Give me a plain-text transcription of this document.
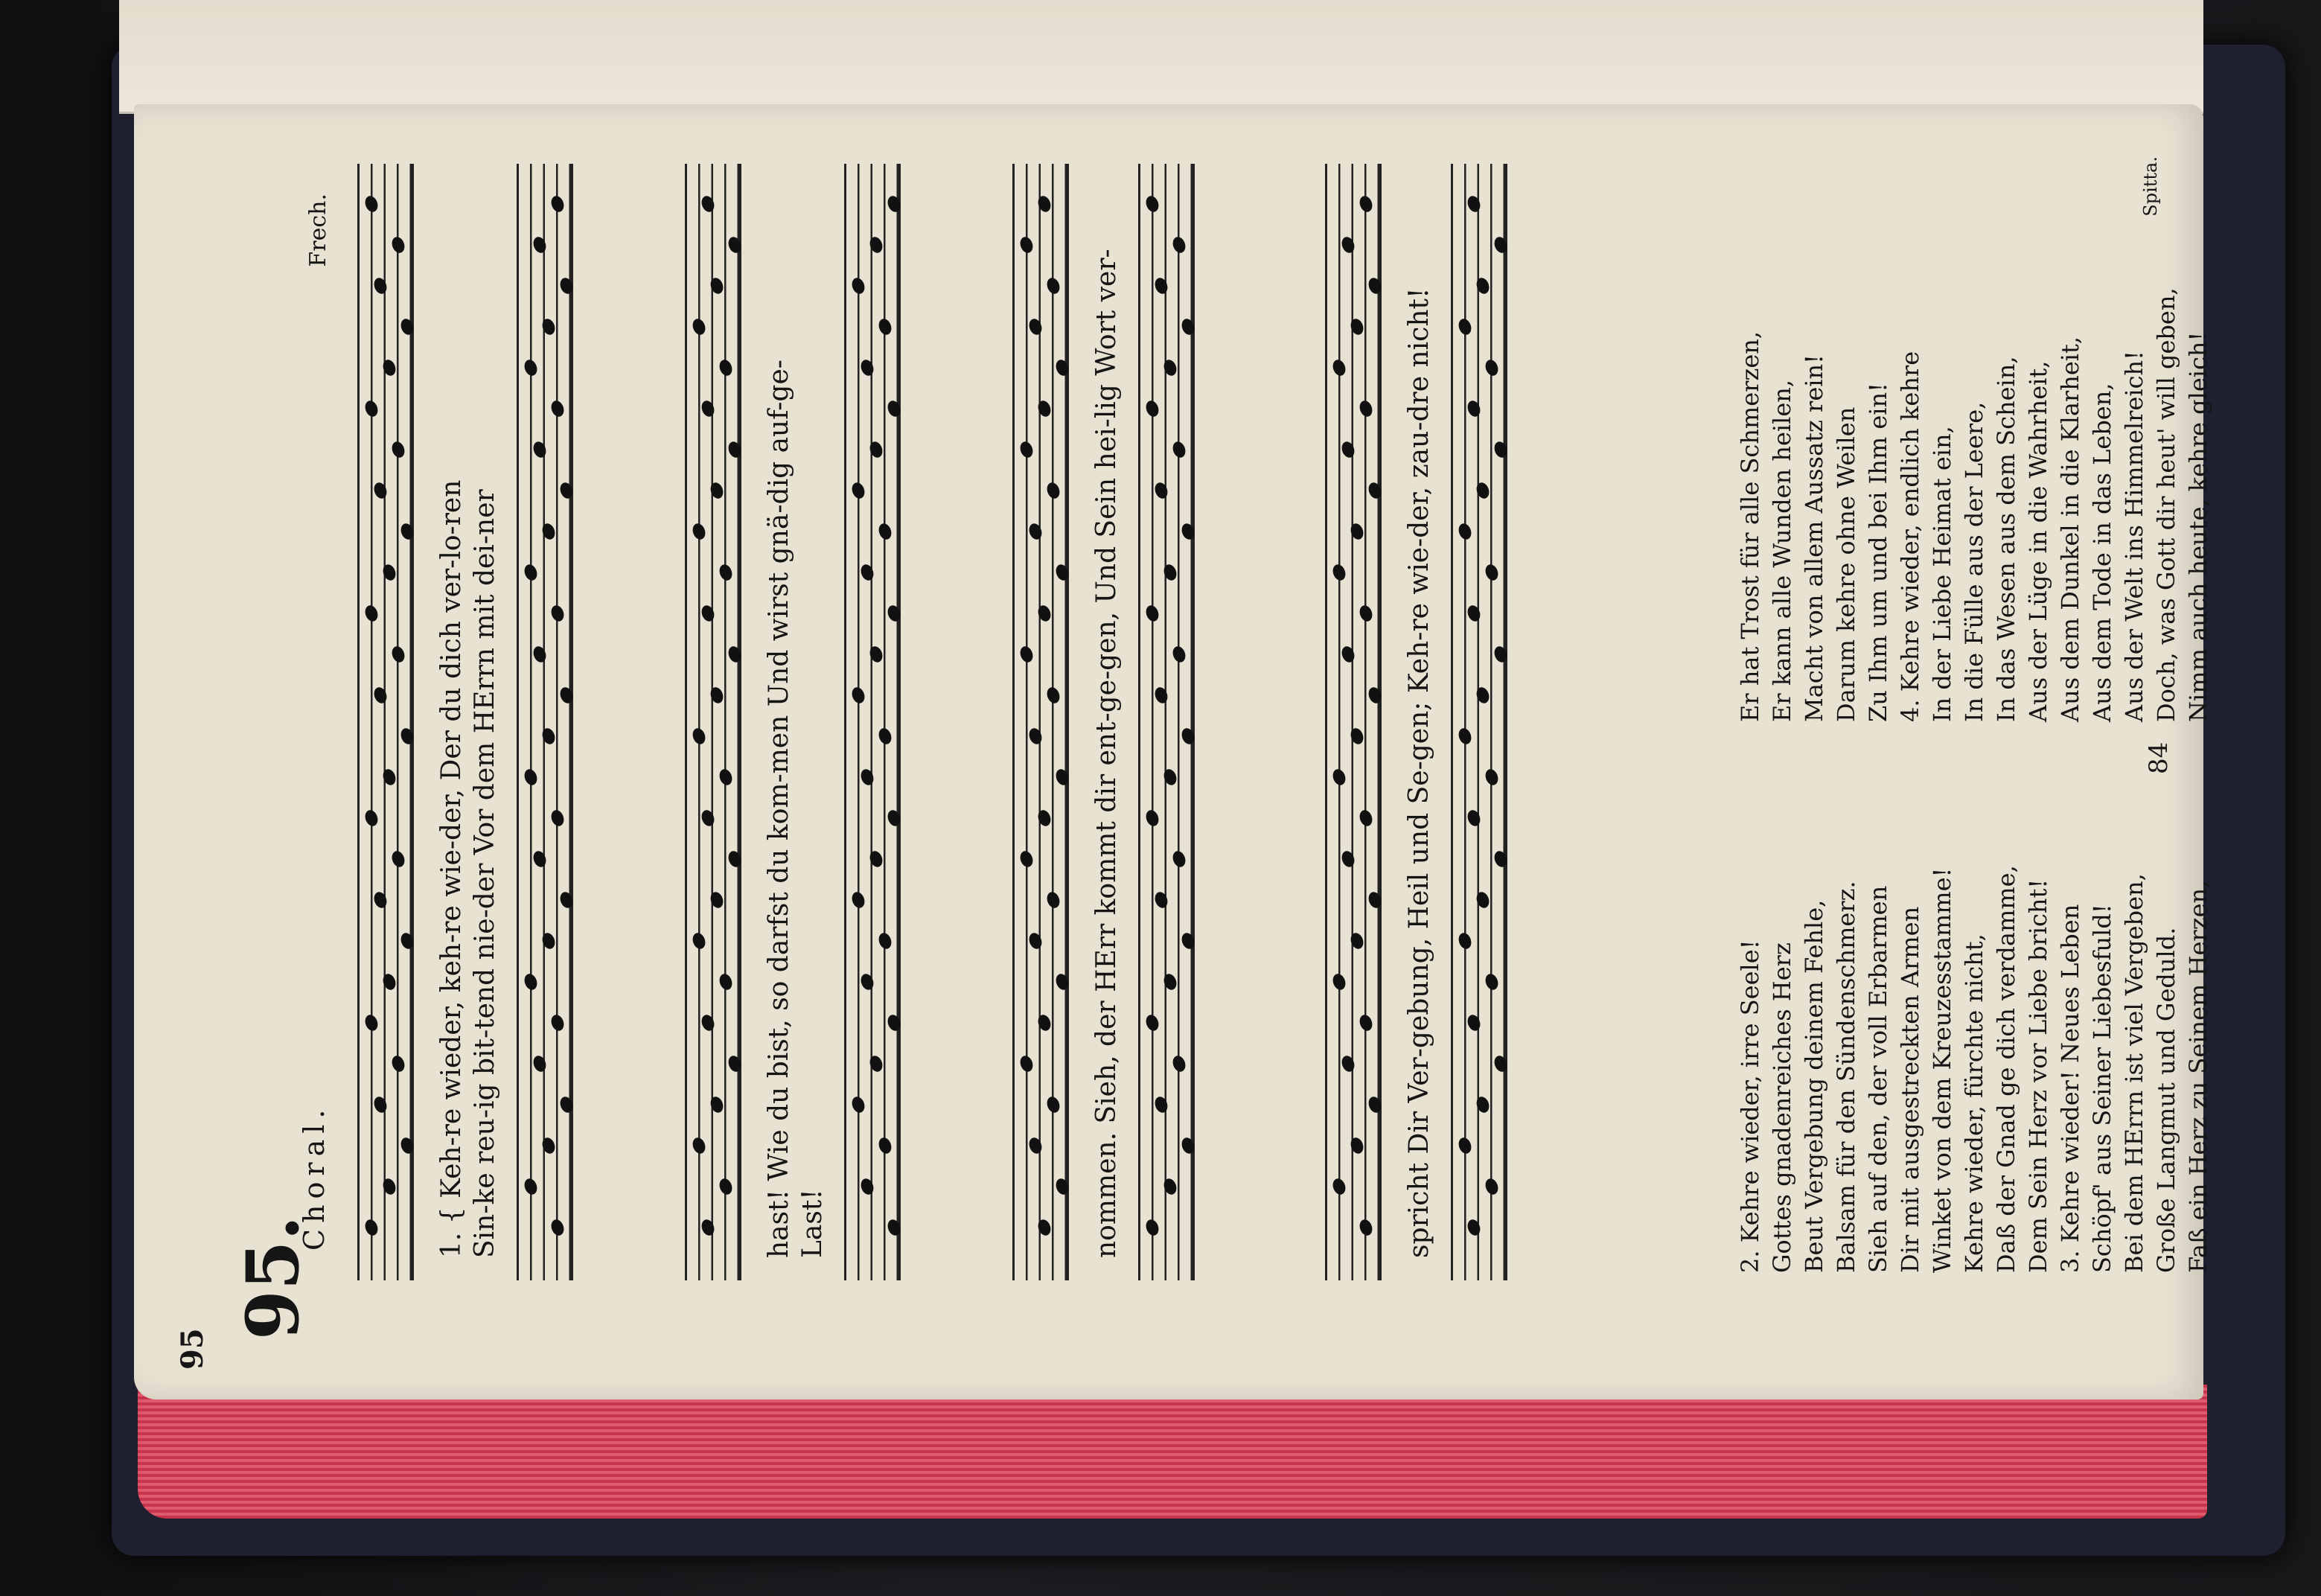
95
95.
Choral.
Frech.
1. { Keh-re wieder, keh-re wie-der, Der du dich ver-lo-ren Sin-ke reu-ig bit-tend nie-der Vor dem HErrn mit dei-ner	hast! Wie du bist, so darfst du kom-men Und wirst gnä-dig auf-ge- Last!	nommen. Sieh, der HErr kommt dir ent-ge-gen, Und Sein hei-lig Wort ver-	spricht Dir Ver-gebung, Heil und Se-gen; Keh-re wie-der, zau-dre nicht!	2. Kehre wieder, irre Seele! Gottes gnadenreiches Herz Beut Vergebung deinem Fehle, Balsam für den Sündenschmerz. Sieh auf den, der voll Erbarmen Dir mit ausgestreckten Armen Winket von dem Kreuzesstamme! Kehre wieder, fürchte nicht, Daß der Gnad ge dich verdamme, Dem Sein Herz vor Liebe bricht! 3. Kehre wieder! Neues Leben Schöpf' aus Seiner Liebesfuld! Bei dem HErrn ist viel Vergeben, Große Langmut und Geduld. Faß ein Herz zu Seinem Herzen,

Er hat Trost für alle Schmerzen, Er kann alle Wunden heilen, Macht von allem Aussatz rein! Darum kehre ohne Weilen Zu Ihm um und bei Ihm ein! 4. Kehre wieder, endlich kehre In der Liebe Heimat ein, In die Fülle aus der Leere, In das Wesen aus dem Schein, Aus der Lüge in die Wahrheit, Aus dem Dunkel in die Klarheit, Aus dem Tode in das Leben, Aus der Welt ins Himmelreich! Doch, was Gott dir heut' will geben, Nimm auch heute, kehre gleich!

84
Spitta.
